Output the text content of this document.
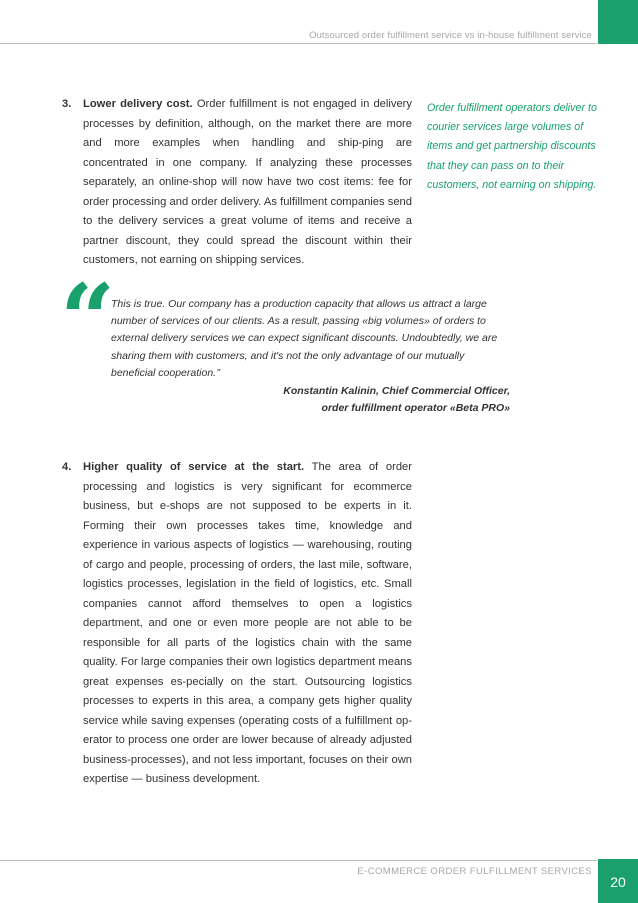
Outsourced order fulfillment service vs in-house fulfillment service
3. Lower delivery cost. Order fulfillment is not engaged in delivery processes by definition, although, on the market there are more and more examples when handling and ship-ping are concentrated in one company. If analyzing these processes separately, an online-shop will now have two cost items: fee for order processing and order delivery. As fulfillment companies send to the delivery services a great volume of items and receive a partner discount, they could spread the discount within their customers, not earning on shipping services.
Order fulfillment operators deliver to courier services large volumes of items and get partnership discounts that they can pass on to their customers, not earning on shipping.
“
This is true. Our company has a production capacity that allows us attract a large number of services of our clients. As a result, passing «big volumes» of orders to external delivery services we can expect significant discounts. Undoubtedly, we are sharing them with customers, and it's not the only advantage of our mutually beneficial cooperation.’’
Konstantin Kalinin, Chief Commercial Officer,
order fulfillment operator «Beta PRO»
4. Higher quality of service at the start. The area of order processing and logistics is very significant for ecommerce business, but e-shops are not supposed to be experts in it. Forming their own processes takes time, knowledge and experience in various aspects of logistics — warehousing, routing of cargo and people, processing of orders, the last mile, software, logistics processes, legislation in the field of logistics, etc. Small companies cannot afford themselves to open a logistics department, and one or even more people are not able to be responsible for all parts of the logistics chain with the same quality. For large companies their own logistics department means great expenses es-pecially on the start. Outsourcing logistics processes to experts in this area, a company gets higher quality service while saving expenses (operating costs of a fulfillment op-erator to process one order are lower because of already adjusted business-processes), and not less important, focuses on their own expertise — business development.
E-COMMERCE ORDER FULFILLMENT SERVICES
20
